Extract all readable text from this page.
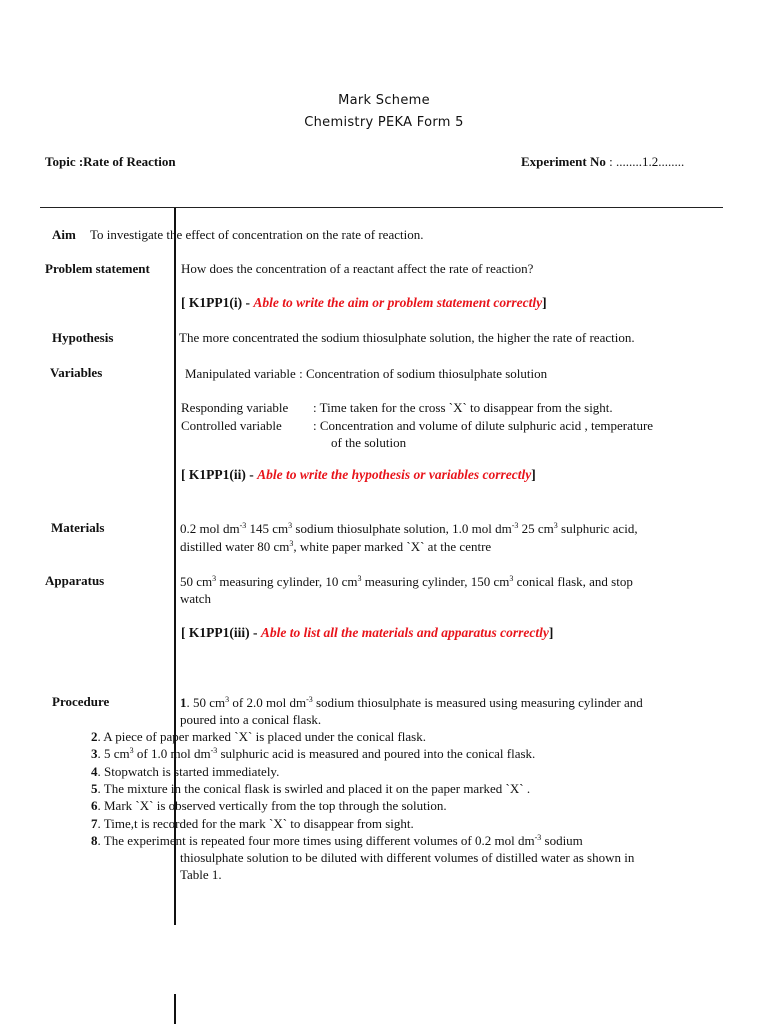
Mark Scheme
Chemistry PEKA Form 5
Topic :Rate of Reaction	Experiment No : ........1.2........
Aim To investigate the effect of concentration on the rate of reaction.
Problem statement How does the concentration of a reactant affect the rate of reaction?
[ K1PP1(i) - Able to write the aim or problem statement correctly]
Hypothesis	The more concentrated the sodium thiosulphate solution, the higher the rate of reaction.
Variables	Manipulated variable : Concentration of sodium thiosulphate solution
Responding variable : Time taken for the cross `X` to disappear from the sight.
Controlled variable : Concentration and volume of dilute sulphuric acid , temperature
of the solution
[ K1PP1(ii) - Able to write the hypothesis or variables correctly]
Materials	0.2 mol $dm^{-3}$ 145 $cm^3$ sodium thiosulphate solution, 1.0 mol $dm^{-3}$ 25 $cm^3$ sulphuric acid,
distilled water 80 $cm^3$, white paper marked `X` at the centre
Apparatus	50 $cm^3$ measuring cylinder, 10 $cm^3$ measuring cylinder, 150 $cm^3$ conical flask, and stop
watch
[ K1PP1(iii) - Able to list all the materials and apparatus correctly]
Procedure	1. 50 $cm^3$ of 2.0 mol $dm^{-3}$ sodium thiosulphate is measured using measuring cylinder and
poured into a conical flask.
2. A piece of paper marked `X` is placed under the conical flask.
3. 5 $cm^3$ of 1.0 mol $dm^{-3}$ sulphuric acid is measured and poured into the conical flask.
4. Stopwatch is started immediately.
5. The mixture in the conical flask is swirled and placed it on the paper marked `X` .
6. Mark `X` is observed vertically from the top through the solution.
7. Time,t is recorded for the mark `X` to disappear from sight.
8. The experiment is repeated four more times using different volumes of 0.2 mol $dm^{-3}$ sodium
thiosulphate solution to be diluted with different volumes of distilled water as shown in
Table 1.
